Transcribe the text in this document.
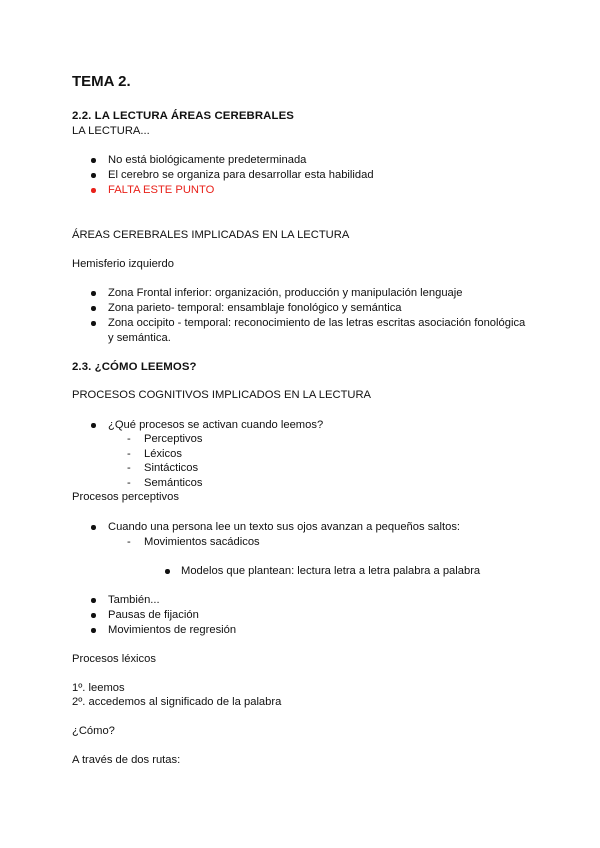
TEMA 2.
2.2. LA LECTURA ÁREAS CEREBRALES
LA LECTURA...
No está biológicamente predeterminada
El cerebro se organiza para desarrollar esta habilidad
FALTA ESTE PUNTO
ÁREAS CEREBRALES IMPLICADAS EN LA LECTURA
Hemisferio izquierdo
Zona Frontal inferior: organización, producción y manipulación lenguaje
Zona parieto- temporal: ensamblaje fonológico y semántica
Zona occipito - temporal: reconocimiento de las letras escritas asociación fonológica
y semántica.
2.3. ¿CÓMO LEEMOS?
PROCESOS COGNITIVOS IMPLICADOS EN LA LECTURA
¿Qué procesos se activan cuando leemos?
- Perceptivos
- Léxicos
- Sintácticos
- Semánticos
Procesos perceptivos
Cuando una persona lee un texto sus ojos avanzan a pequeños saltos:
- Movimientos sacádicos
Modelos que plantean: lectura letra a letra palabra a palabra
También...
Pausas de fijación
Movimientos de regresión
Procesos léxicos
1º. leemos
2º. accedemos al significado de la palabra
¿Cómo?
A través de dos rutas:
